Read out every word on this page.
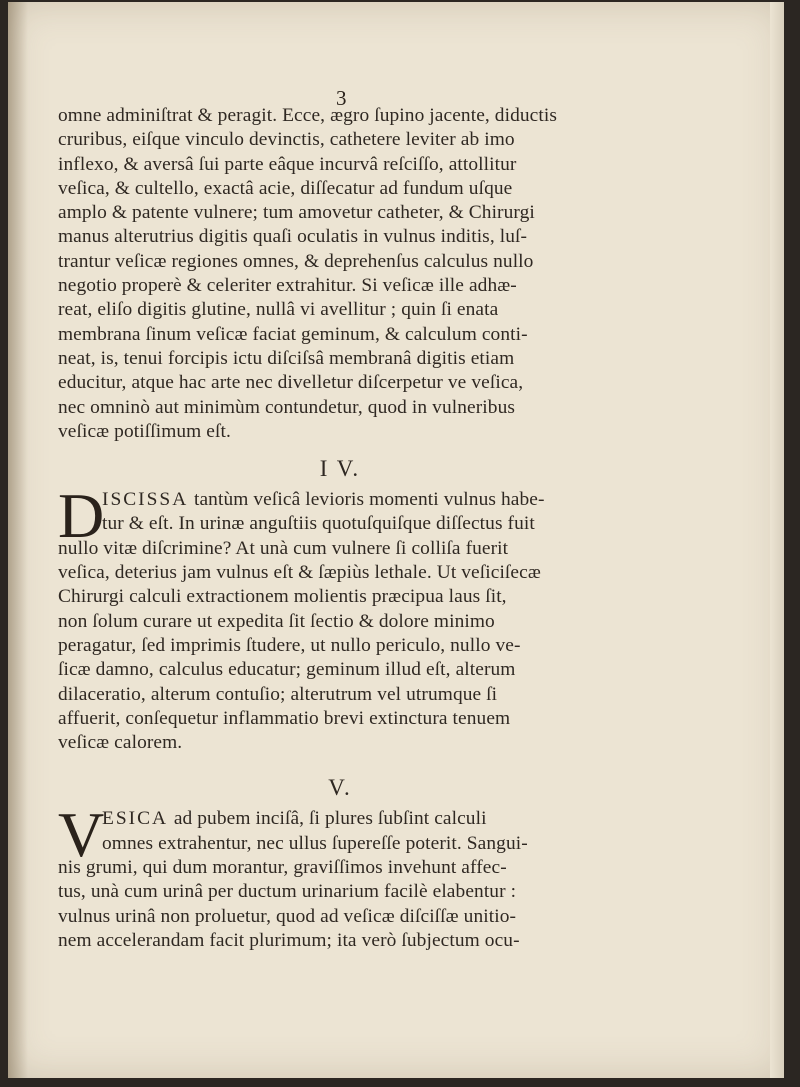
3
omne adminiſtrat & peragit. Ecce, ægro ſupino jacente, diductis
cruribus, eiſque vinculo devinctis, cathetere leviter ab imo
inflexo, & aversâ ſui parte eâque incurvâ reſciſſo, attollitur
veſica, & cultello, exactâ acie, diſſecatur ad fundum uſque
amplo & patente vulnere; tum amovetur catheter, & Chirurgi
manus alterutrius digitis quaſi oculatis in vulnus inditis, luſ-
trantur veſicæ regiones omnes, & deprehenſus calculus nullo
negotio properè & celeriter extrahitur. Si veſicæ ille adhæ-
reat, eliſo digitis glutine, nullâ vi avellitur ; quin ſi enata
membrana ſinum veſicæ faciat geminum, & calculum conti-
neat, is, tenui forcipis ictu diſciſsâ membranâ digitis etiam
educitur, atque hac arte nec divelletur diſcerpetur ve veſica,
nec omninò aut minimùm contundetur, quod in vulneribus
veſicæ potiſſimum eſt.
I V.
D
ISCISSA tantùm veſicâ levioris momenti vulnus habe-
tur & eſt. In urinæ anguſtiis quotuſquiſque diſſectus fuit
nullo vitæ diſcrimine? At unà cum vulnere ſi colliſa fuerit
veſica, deterius jam vulnus eſt & ſæpiùs lethale. Ut veſiciſecæ
Chirurgi calculi extractionem molientis præcipua laus ſit,
non ſolum curare ut expedita ſit ſectio & dolore minimo
peragatur, ſed imprimis ſtudere, ut nullo periculo, nullo ve-
ſicæ damno, calculus educatur; geminum illud eſt, alterum
dilaceratio, alterum contuſio; alterutrum vel utrumque ſi
affuerit, conſequetur inflammatio brevi extinctura tenuem
veſicæ calorem.
V.
V
ESICA ad pubem inciſâ, ſi plures ſubſint calculi
omnes extrahentur, nec ullus ſupereſſe poterit. Sangui-
nis grumi, qui dum morantur, graviſſimos invehunt affec-
tus, unà cum urinâ per ductum urinarium facilè elabentur :
vulnus urinâ non proluetur, quod ad veſicæ diſciſſæ unitio-
nem accelerandam facit plurimum; ita verò ſubjectum ocu-
